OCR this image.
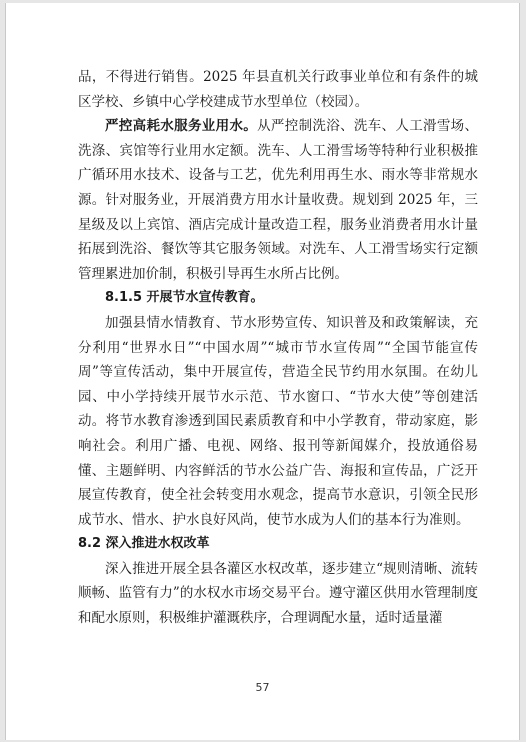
品，不得进行销售。2025 年县直机关行政事业单位和有条件的城区学校、乡镇中心学校建成节水型单位（校园）。

严控高耗水服务业用水。从严控制洗浴、洗车、人工滑雪场、洗涤、宾馆等行业用水定额。洗车、人工滑雪场等特种行业积极推广循环用水技术、设备与工艺，优先利用再生水、雨水等非常规水源。针对服务业，开展消费方用水计量收费。规划到 2025 年，三星级及以上宾馆、酒店完成计量改造工程，服务业消费者用水计量拓展到洗浴、餐饮等其它服务领域。对洗车、人工滑雪场实行定额管理累进加价制，积极引导再生水所占比例。

8.1.5 开展节水宣传教育。

加强县情水情教育、节水形势宣传、知识普及和政策解读，充分利用“世界水日”“中国水周”“城市节水宣传周”“全国节能宣传周”等宣传活动，集中开展宣传，营造全民节约用水氛围。在幼儿园、中小学持续开展节水示范、节水窗口、“节水大使”等创建活动。将节水教育渗透到国民素质教育和中小学教育，带动家庭，影响社会。利用广播、电视、网络、报刊等新闻媒介，投放通俗易懂、主题鲜明、内容鲜活的节水公益广告、海报和宣传品，广泛开展宣传教育，使全社会转变用水观念，提高节水意识，引领全民形成节水、惜水、护水良好风尚，使节水成为人们的基本行为准则。

8.2 深入推进水权改革

深入推进开展全县各灌区水权改革，逐步建立“规则清晰、流转顺畅、监管有力”的水权水市场交易平台。遵守灌区供用水管理制度和配水原则，积极维护灌溉秩序，合理调配水量，适时适量灌

57
